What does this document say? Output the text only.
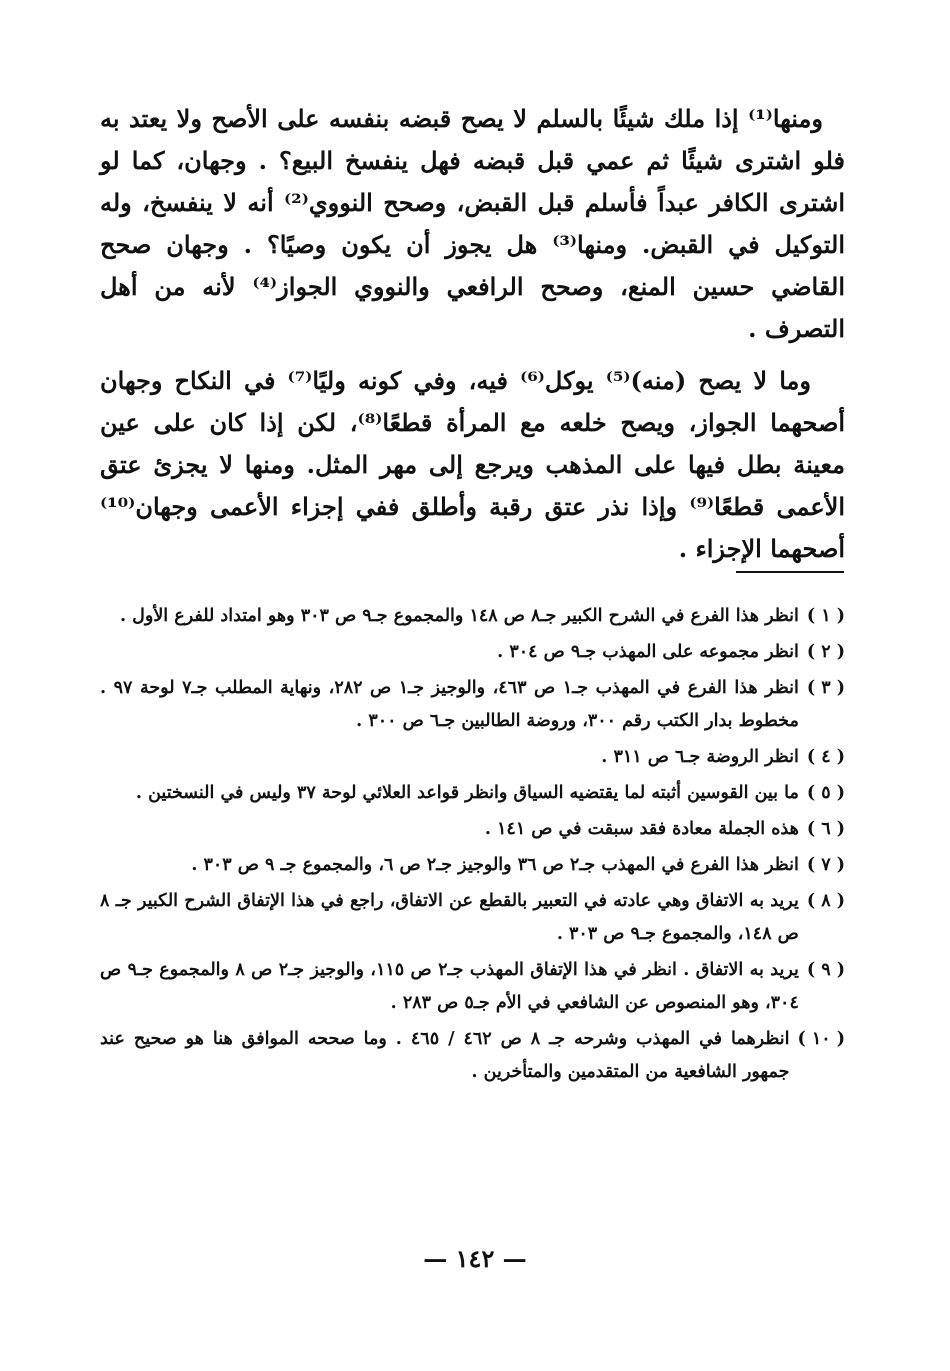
ومنها⁽¹⁾ إذا ملك شيئًا بالسلم لا يصح قبضه بنفسه على الأصح ولا يعتد به فلو اشترى شيئًا ثم عمي قبل قبضه فهل ينفسخ البيع؟ . وجهان، كما لو اشترى الكافر عبداً فأسلم قبل القبض، وصحح النووي⁽²⁾ أنه لا ينفسخ، وله التوكيل في القبض. ومنها⁽³⁾ هل يجوز أن يكون وصيًا؟ . وجهان صحح القاضي حسين المنع، وصحح الرافعي والنووي الجواز⁽⁴⁾ لأنه من أهل التصرف .

وما لا يصح (منه)⁽⁵⁾ يوكل⁽⁶⁾ فيه، وفي كونه وليًا⁽⁷⁾ في النكاح وجهان أصحهما الجواز، ويصح خلعه مع المرأة قطعًا⁽⁸⁾، لكن إذا كان على عين معينة بطل فيها على المذهب ويرجع إلى مهر المثل. ومنها لا يجزئ عتق الأعمى قطعًا⁽⁹⁾ وإذا نذر عتق رقبة وأطلق ففي إجزاء الأعمى وجهان⁽¹⁰⁾ أصحهما الإجزاء .

( ١ )
انظر هذا الفرع في الشرح الكبير جـ٨ ص ١٤٨ والمجموع جـ٩ ص ٣٠٣ وهو امتداد للفرع الأول .
( ٢ )
انظر مجموعه على المهذب جـ٩ ص ٣٠٤ .
( ٣ )
انظر هذا الفرع في المهذب جـ١ ص ٤٦٣، والوجيز جـ١ ص ٢٨٢، ونهاية المطلب جـ٧ لوحة ٩٧ . مخطوط بدار الكتب رقم ٣٠٠، وروضة الطالبين جـ٦ ص ٣٠٠ .
( ٤ )
انظر الروضة جـ٦ ص ٣١١ .
( ٥ )
ما بين القوسين أثبته لما يقتضيه السياق وانظر قواعد العلائي لوحة ٣٧ وليس في النسختين .
( ٦ )
هذه الجملة معادة فقد سبقت في ص ١٤١ .
( ٧ )
انظر هذا الفرع في المهذب جـ٢ ص ٣٦ والوجيز جـ٢ ص ٦، والمجموع جـ ٩ ص ٣٠٣ .
( ٨ )
يريد به الاتفاق وهي عادته في التعبير بالقطع عن الاتفاق، راجع في هذا الإتفاق الشرح الكبير جـ ٨ ص ١٤٨، والمجموع جـ٩ ص ٣٠٣ .
( ٩ )
يريد به الاتفاق . انظر في هذا الإتفاق المهذب جـ٢ ص ١١٥، والوجيز جـ٢ ص ٨ والمجموع جـ٩ ص ٣٠٤، وهو المنصوص عن الشافعي في الأم جـ٥ ص ٢٨٣ .
( ١٠ )
انظرهما في المهذب وشرحه جـ ٨ ص ٤٦٢ / ٤٦٥ . وما صححه الموافق هنا هو صحيح عند جمهور الشافعية من المتقدمين والمتأخرين .
— ١٤٢ —
